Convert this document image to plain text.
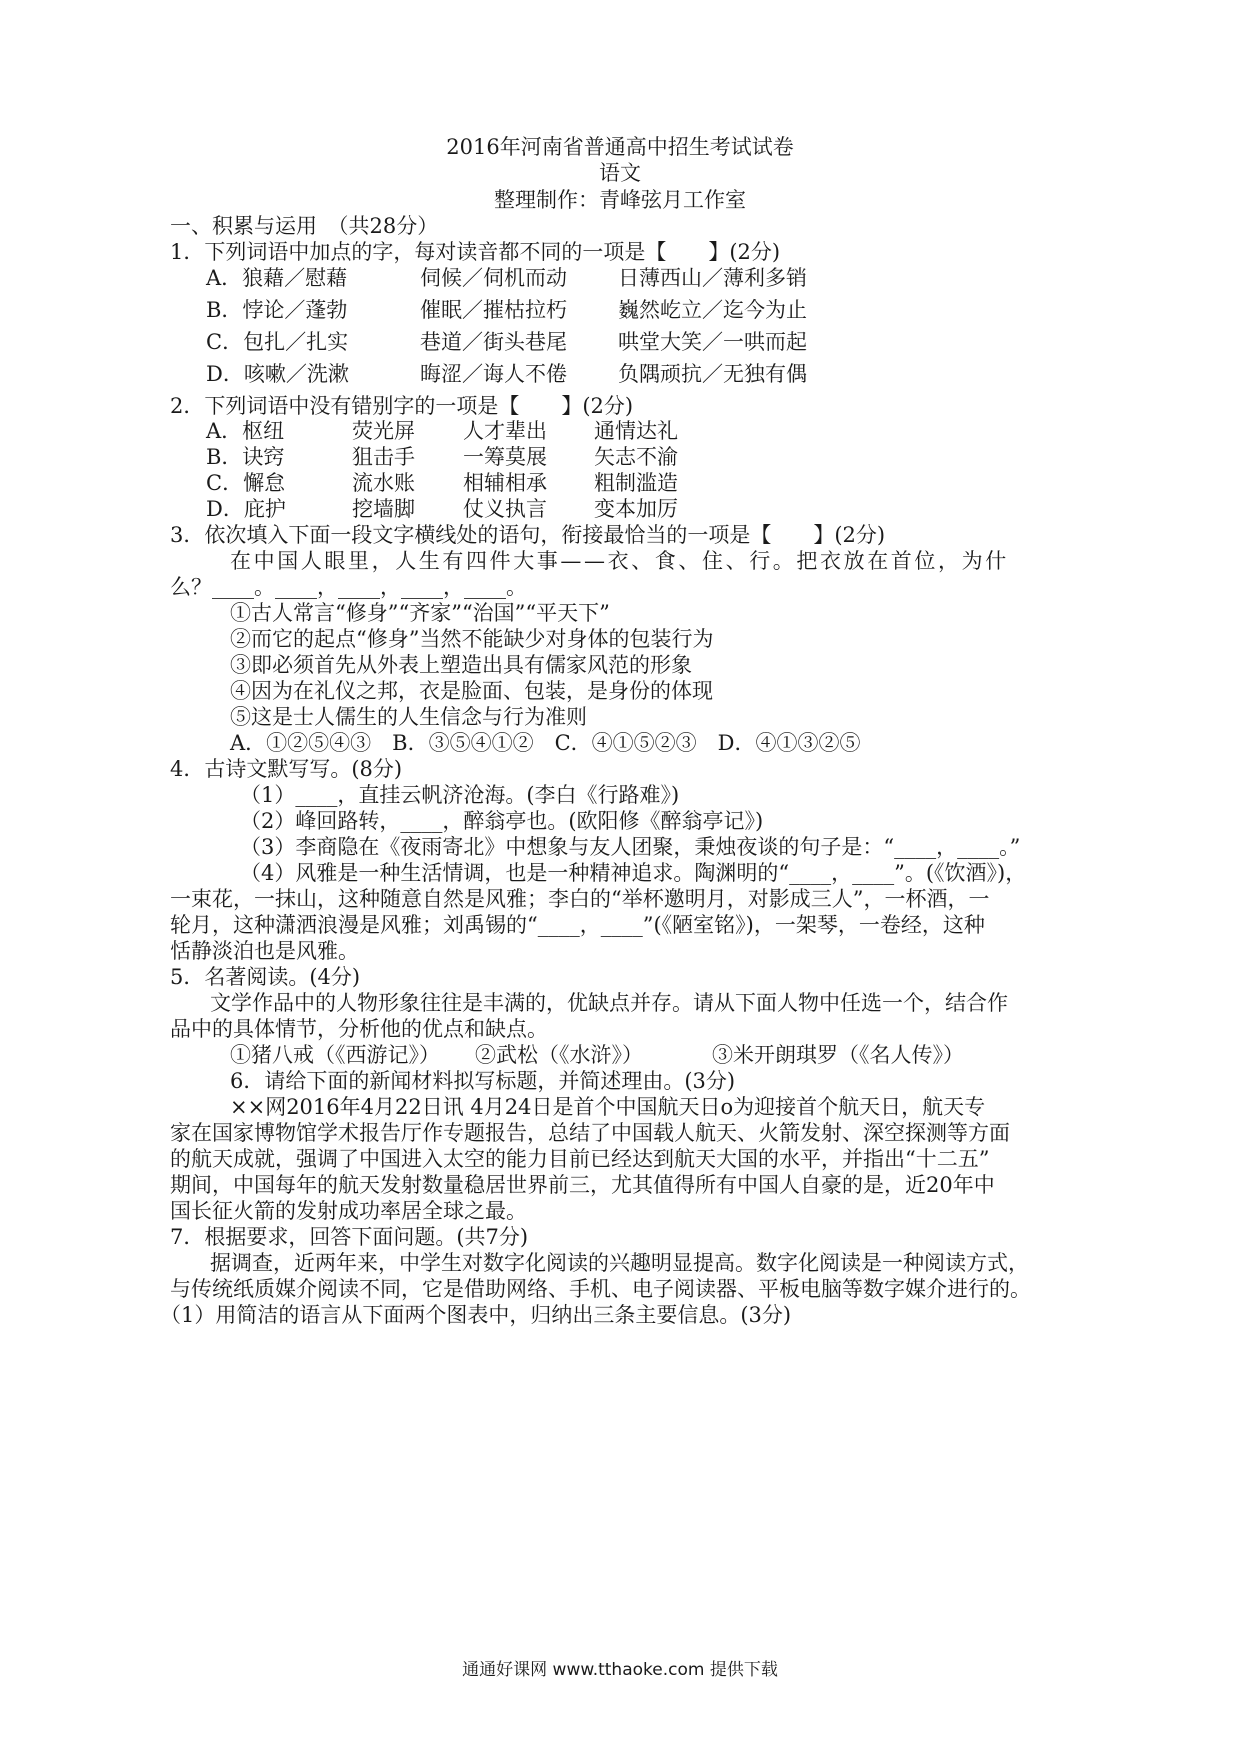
2016年河南省普通高中招生考试试卷
语文
整理制作：青峰弦月工作室
一、积累与运用　（共28分）
1．下列词语中加点的字，每对读音都不同的一项是【　　】(2分)
A．狼藉／慰藉	伺候／伺机而动 日薄西山／薄利多销
B．悖论／蓬勃	催眠／摧枯拉朽 巍然屹立／迄今为止
C．包扎／扎实	巷道／街头巷尾 哄堂大笑／一哄而起
D．咳嗽／洗漱	晦涩／诲人不倦 负隅顽抗／无独有偶
2．下列词语中没有错别字的一项是【　　】(2分)
A．枢纽	荧光屏 人才辈出 通情达礼
B．诀窍	狙击手 一筹莫展 矢志不渝
C．懈怠	流水账 相辅相承 粗制滥造
D．庇护	挖墙脚 仗义执言 变本加厉
3．依次填入下面一段文字横线处的语句，衔接最恰当的一项是【　　】(2分)
在中国人眼里，人生有四件大事——衣、食、住、行。把衣放在首位，为什
么？____。____，____，____，____。
①古人常言“修身”“齐家”“治国”“平天下”
②而它的起点“修身”当然不能缺少对身体的包装行为
③即必须首先从外表上塑造出具有儒家风范的形象
④因为在礼仪之邦，衣是脸面、包装，是身份的体现
⑤这是士人儒生的人生信念与行为准则
A．①②⑤④③　B．③⑤④①②　C．④①⑤②③　D．④①③②⑤
4．古诗文默写写。(8分)
（1）____，直挂云帆济沧海。(李白《行路难》)
（2）峰回路转，____，醉翁亭也。(欧阳修《醉翁亭记》)
（3）李商隐在《夜雨寄北》中想象与友人团聚，秉烛夜谈的句子是：“____，____。”
（4）风雅是一种生活情调，也是一种精神追求。陶渊明的“____，____”。(《饮酒》)，
一束花，一抹山，这种随意自然是风雅；李白的“举杯邀明月，对影成三人”，一杯酒，一
轮月，这种潇洒浪漫是风雅；刘禹锡的“____，____”(《陋室铭》)，一架琴，一卷经，这种
恬静淡泊也是风雅。
5．名著阅读。(4分)
文学作品中的人物形象往往是丰满的，优缺点并存。请从下面人物中任选一个，结合作
品中的具体情节，分析他的优点和缺点。
①猪八戒（《西游记》） ②武松（《水浒》）	③米开朗琪罗（《名人传》）
6．请给下面的新闻材料拟写标题，并简述理由。(3分)
××网2016年4月22日讯 4月24日是首个中国航天日o为迎接首个航天日，航天专
家在国家博物馆学术报告厅作专题报告，总结了中国载人航天、火箭发射、深空探测等方面
的航天成就，强调了中国进入太空的能力目前已经达到航天大国的水平，并指出“十二五”
期间，中国每年的航天发射数量稳居世界前三，尤其值得所有中国人自豪的是，近20年中
国长征火箭的发射成功率居全球之最。
7．根据要求，回答下面问题。(共7分)
据调查，近两年来，中学生对数字化阅读的兴趣明显提高。数字化阅读是一种阅读方式，
与传统纸质媒介阅读不同，它是借助网络、手机、电子阅读器、平板电脑等数字媒介进行的。
（1）用简洁的语言从下面两个图表中，归纳出三条主要信息。(3分)
通通好课网 www.tthaoke.com 提供下载
